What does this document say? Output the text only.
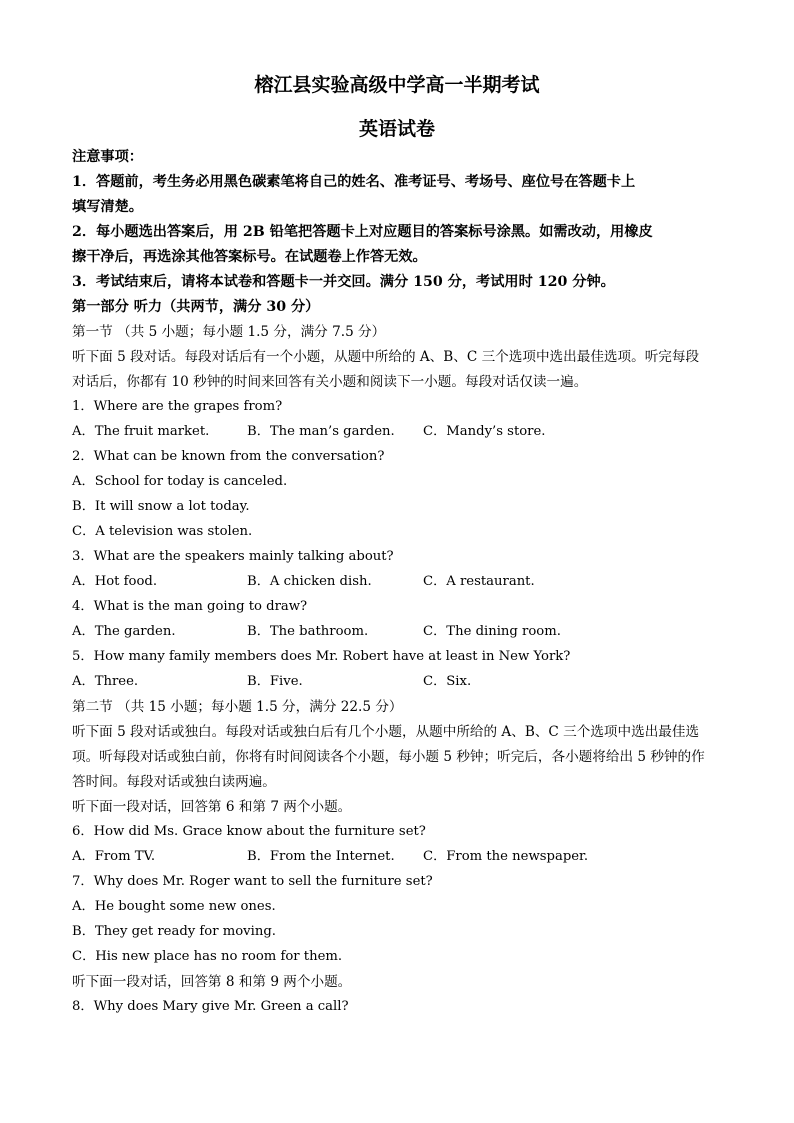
榕江县实验高级中学高一半期考试
英语试卷
注意事项：
1．答题前，考生务必用黑色碳素笔将自己的姓名、准考证号、考场号、座位号在答题卡上
填写清楚。
2．每小题选出答案后，用 2B 铅笔把答题卡上对应题目的答案标号涂黑。如需改动，用橡皮
擦干净后，再选涂其他答案标号。在试题卷上作答无效。
3．考试结束后，请将本试卷和答题卡一并交回。满分 150 分，考试用时 120 分钟。
第一部分 听力（共两节，满分 30 分）
第一节 （共 5 小题；每小题 1.5 分，满分 7.5 分）
听下面 5 段对话。每段对话后有一个小题，从题中所给的 A、B、C 三个选项中选出最佳选项。听完每段
对话后，你都有 10 秒钟的时间来回答有关小题和阅读下一小题。每段对话仅读一遍。
1．Where are the grapes from?
A．The fruit market.	B．The man’s garden. C．Mandy’s store.
2．What can be known from the conversation?
A．School for today is canceled.
B．It will snow a lot today.
C．A television was stolen.
3．What are the speakers mainly talking about?
A．Hot food.	B．A chicken dish.	C．A restaurant.
4．What is the man going to draw?
A．The garden.	B．The bathroom.	C．The dining room.
5．How many family members does Mr. Robert have at least in New York?
A．Three.	B．Five.	C．Six.
第二节 （共 15 小题；每小题 1.5 分，满分 22.5 分）
听下面 5 段对话或独白。每段对话或独白后有几个小题，从题中所给的 A、B、C 三个选项中选出最佳选
项。听每段对话或独白前，你将有时间阅读各个小题，每小题 5 秒钟；听完后，各小题将给出 5 秒钟的作
答时间。每段对话或独白读两遍。
听下面一段对话，回答第 6 和第 7 两个小题。
6．How did Ms. Grace know about the furniture set?
A．From TV.	B．From the Internet. C．From the newspaper.
7．Why does Mr. Roger want to sell the furniture set?
A．He bought some new ones.
B．They get ready for moving.
C．His new place has no room for them.
听下面一段对话，回答第 8 和第 9 两个小题。
8．Why does Mary give Mr. Green a call?
